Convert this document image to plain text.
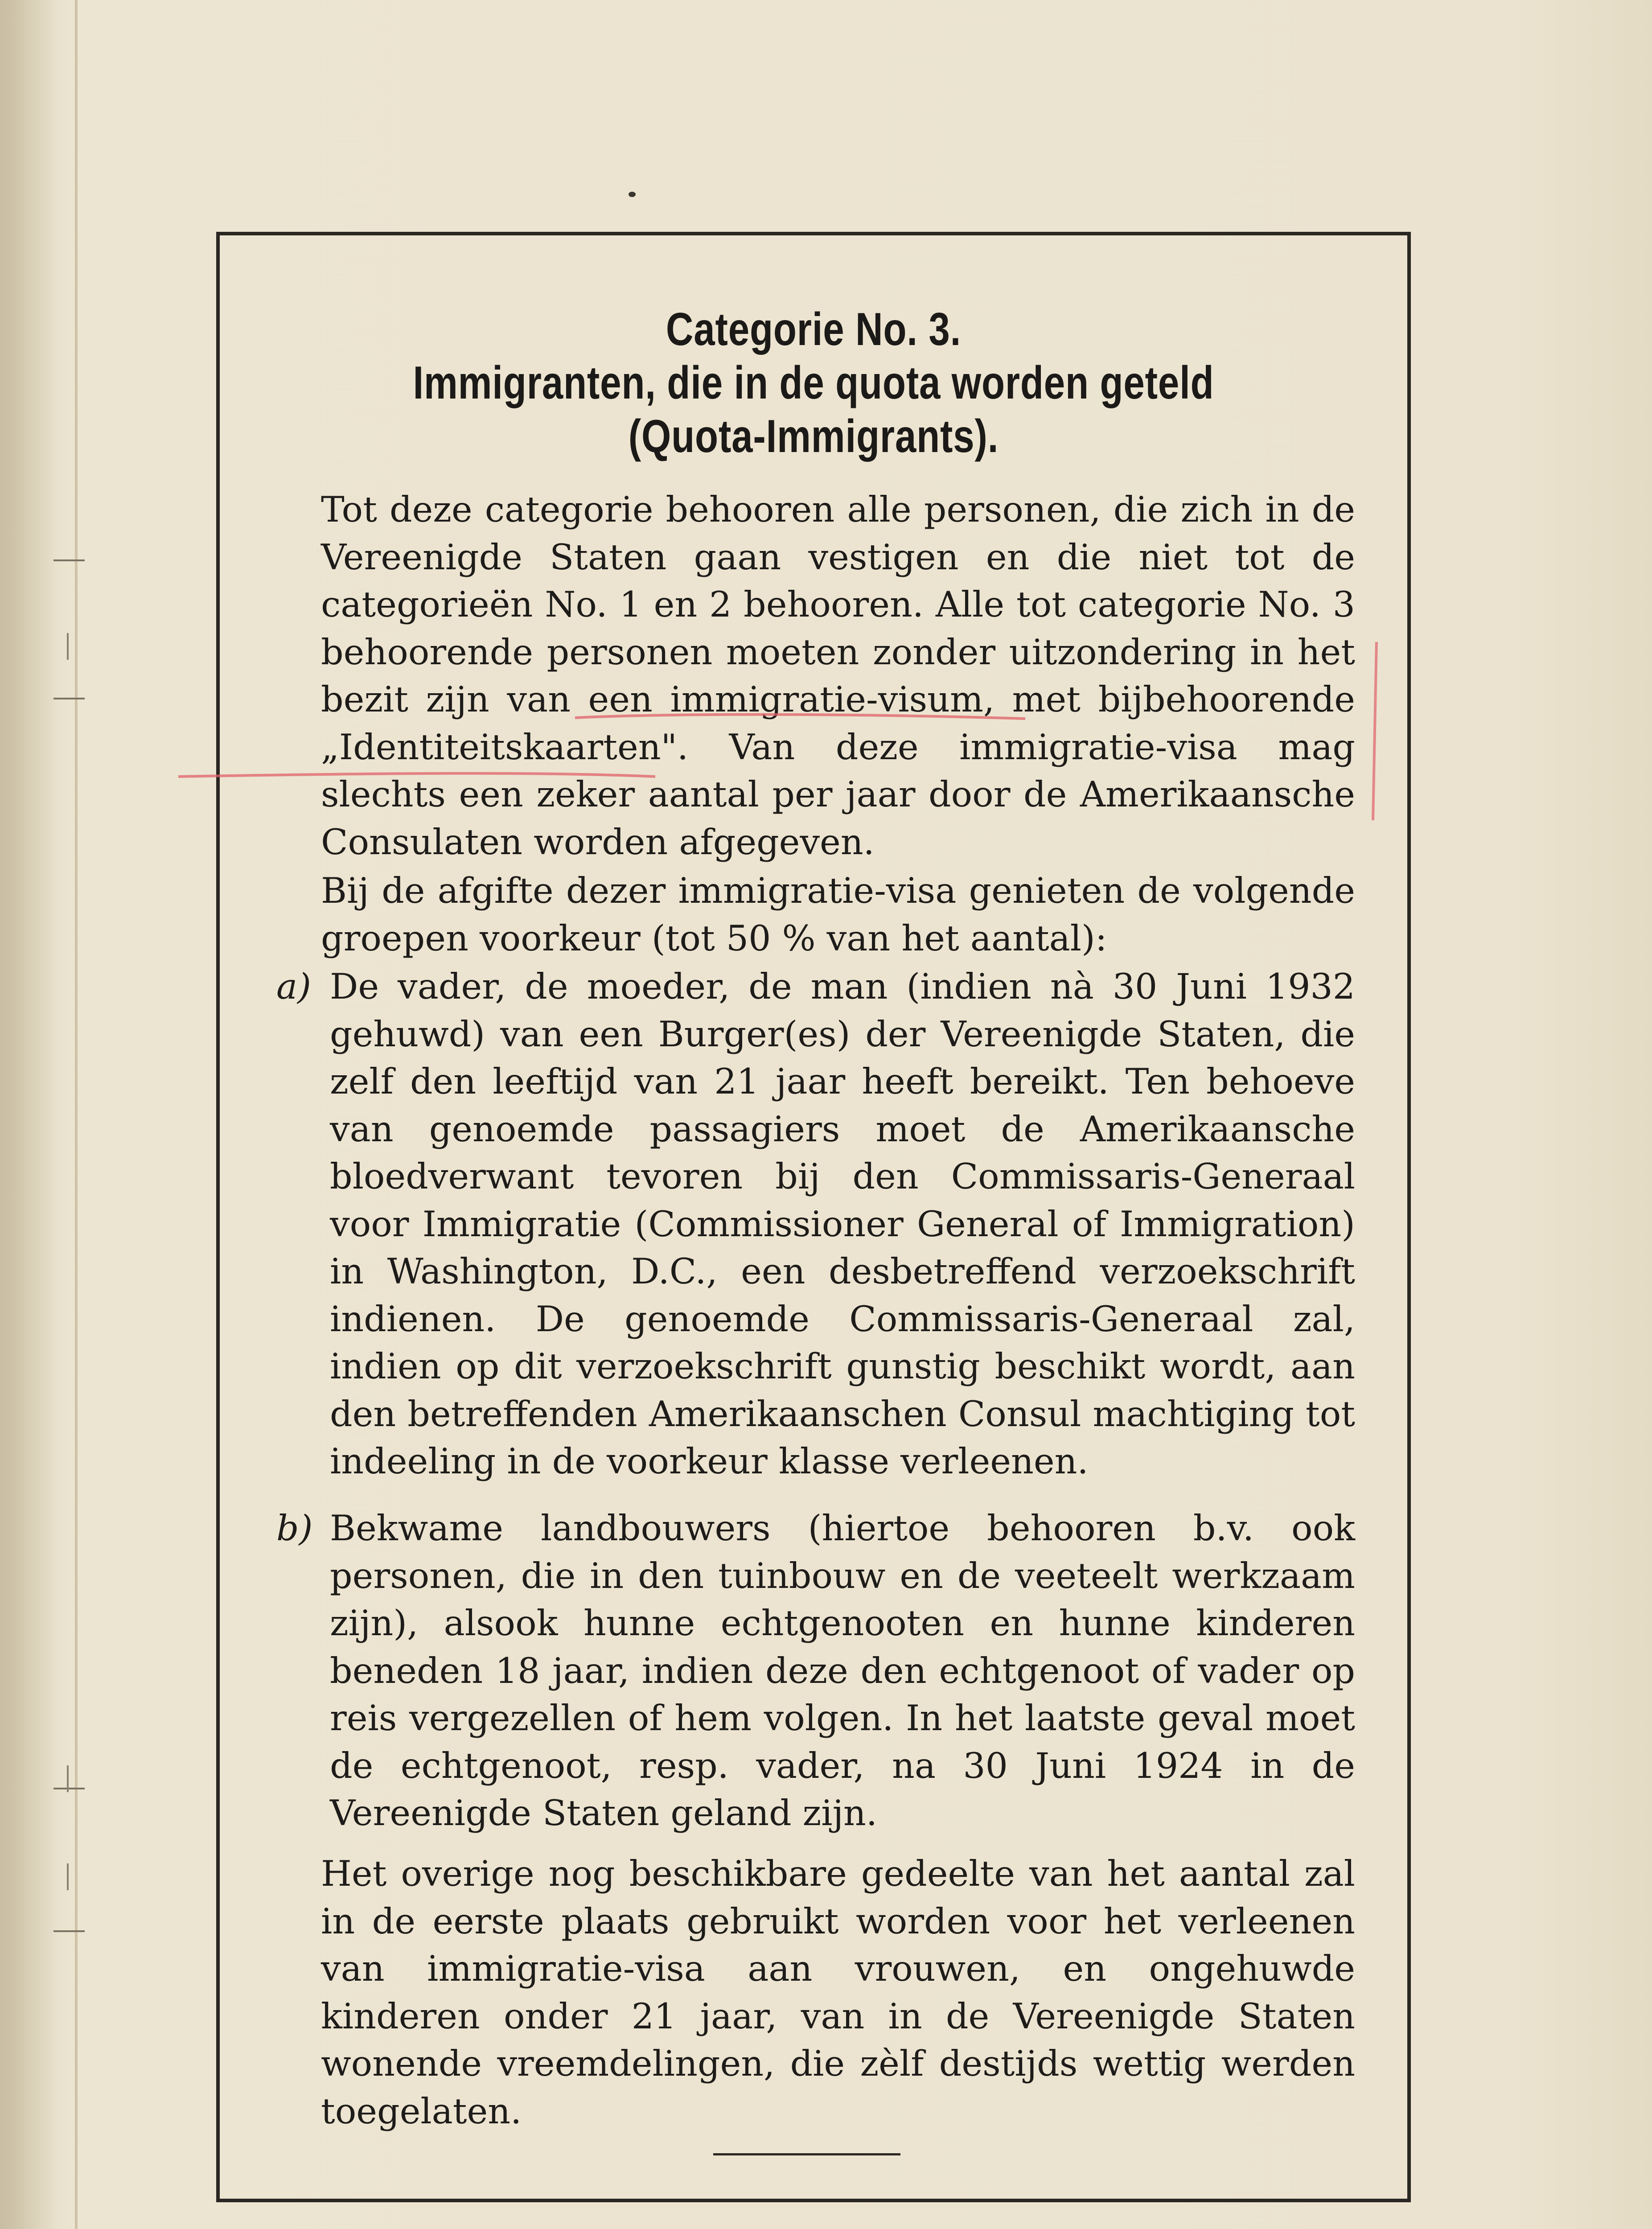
Categorie No. 3.
Immigranten, die in de quota worden geteld
(Quota-Immigrants).
Tot deze categorie behooren alle personen, die zich in de Vereenigde Staten gaan vestigen en die niet tot de categorieën No. 1 en 2 behooren. Alle tot categorie No. 3 behoorende personen moeten zonder uitzondering in het bezit zijn van een immigratie-visum, met bijbehoorende „Identiteitskaarten". Van deze immigratie-visa mag slechts een zeker aantal per jaar door de Amerikaansche Consulaten worden afgegeven.
Bij de afgifte dezer immigratie-visa genieten de volgende groepen voorkeur (tot 50 % van het aantal):
a) De vader, de moeder, de man (indien nà 30 Juni 1932 gehuwd) van een Burger(es) der Vereenigde Staten, die zelf den leeftijd van 21 jaar heeft bereikt. Ten behoeve van genoemde passagiers moet de Amerikaansche bloedverwant tevoren bij den Commissaris-Generaal voor Immigratie (Commissioner General of Immigration) in Washington, D.C., een desbetreffend verzoekschrift indienen. De genoemde Commissaris-Generaal zal, indien op dit verzoekschrift gunstig beschikt wordt, aan den betreffenden Amerikaanschen Consul machtiging tot indeeling in de voorkeur klasse verleenen.
b) Bekwame landbouwers (hiertoe behooren b.v. ook personen, die in den tuinbouw en de veeteelt werkzaam zijn), alsook hunne echtgenooten en hunne kinderen beneden 18 jaar, indien deze den echtgenoot of vader op reis vergezellen of hem volgen. In het laatste geval moet de echtgenoot, resp. vader, na 30 Juni 1924 in de Vereenigde Staten geland zijn.
Het overige nog beschikbare gedeelte van het aantal zal in de eerste plaats gebruikt worden voor het verleenen van immigratie-visa aan vrouwen, en ongehuwde kinderen onder 21 jaar, van in de Vereenigde Staten wonende vreemdelingen, die zèlf destijds wettig werden toegelaten.
